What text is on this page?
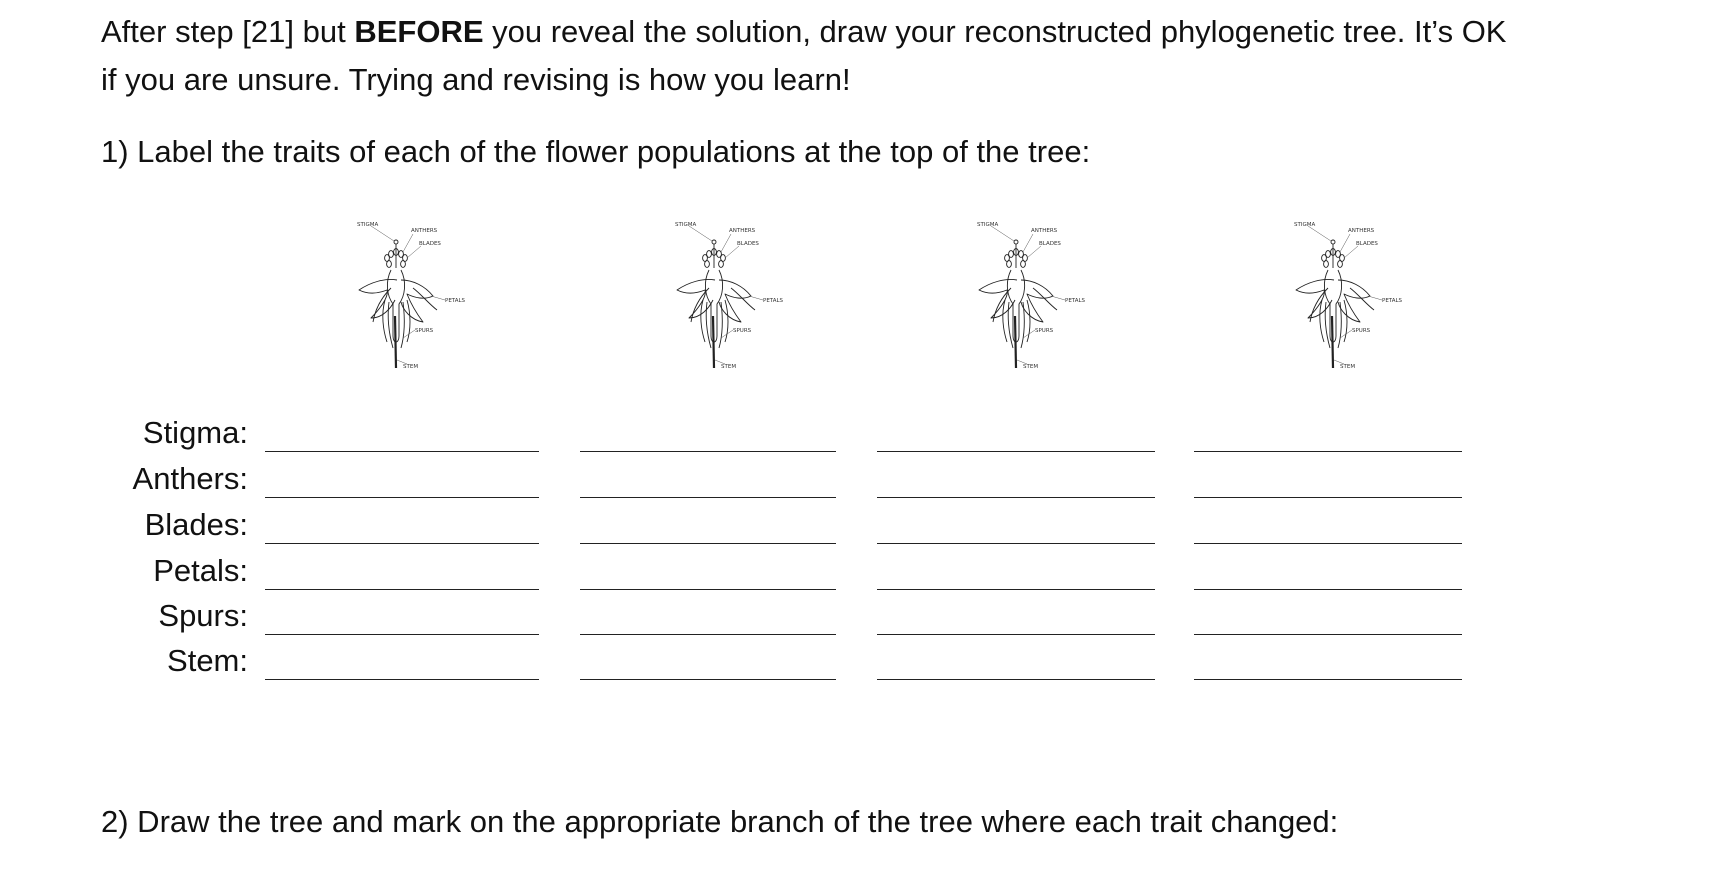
After step [21] but BEFORE you reveal the solution, draw your reconstructed phylogenetic tree. It’s OK
if you are unsure. Trying and revising is how you learn!
1) Label the traits of each of the flower populations at the top of the tree:
STIGMA
ANTHERS
BLADES
PETALS
SPURS
STEM
STIGMA
ANTHERS
BLADES
PETALS
SPURS
STEM
STIGMA
ANTHERS
BLADES
PETALS
SPURS
STEM
STIGMA
ANTHERS
BLADES
PETALS
SPURS
STEM
Stigma:
Anthers:
Blades:
Petals:
Spurs:
Stem:
2) Draw the tree and mark on the appropriate branch of the tree where each trait changed:
